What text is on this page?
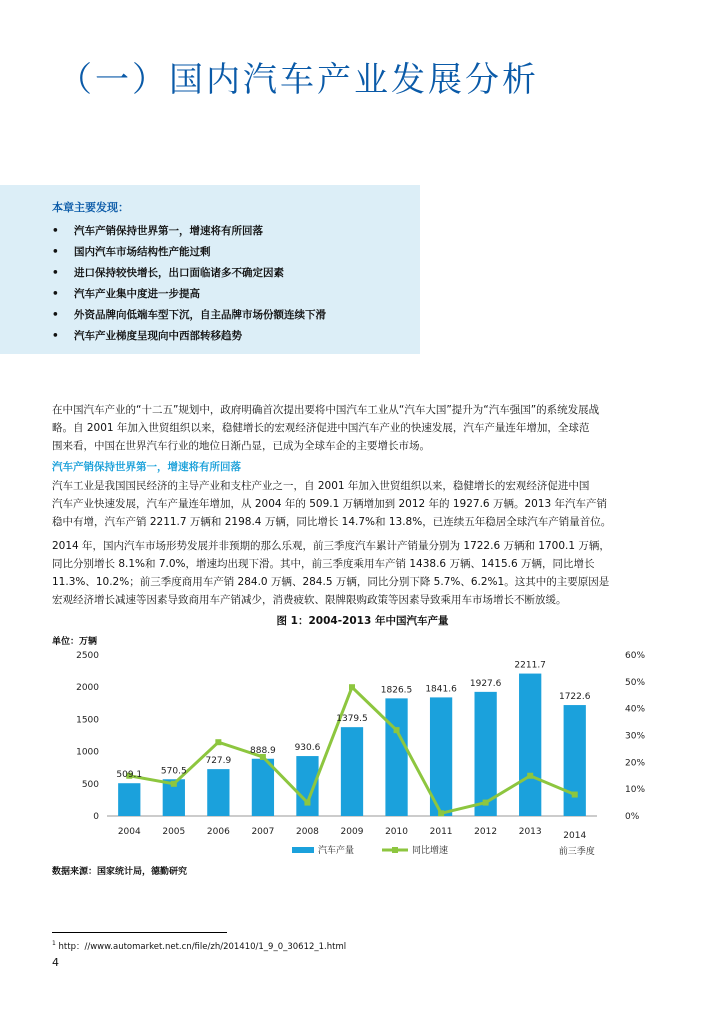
（一）国内汽车产业发展分析
本章主要发现：
• 汽车产销保持世界第一，增速将有所回落
• 国内汽车市场结构性产能过剩
• 进口保持较快增长，出口面临诸多不确定因素
• 汽车产业集中度进一步提高
• 外资品牌向低端车型下沉，自主品牌市场份额连续下滑
• 汽车产业梯度呈现向中西部转移趋势
在中国汽车产业的“十二五”规划中，政府明确首次提出要将中国汽车工业从“汽车大国”提升为“汽车强国”的系统发展战
略。自 2001 年加入世贸组织以来，稳健增长的宏观经济促进中国汽车产业的快速发展，汽车产量连年增加，全球范
围来看，中国在世界汽车行业的地位日渐凸显，已成为全球车企的主要增长市场。
汽车产销保持世界第一，增速将有所回落
汽车工业是我国国民经济的主导产业和支柱产业之一，自 2001 年加入世贸组织以来，稳健增长的宏观经济促进中国
汽车产业快速发展，汽车产量连年增加，从 2004 年的 509.1 万辆增加到 2012 年的 1927.6 万辆。2013 年汽车产销
稳中有增，汽车产销 2211.7 万辆和 2198.4 万辆，同比增长 14.7%和 13.8%，已连续五年稳居全球汽车产销量首位。
2014 年，国内汽车市场形势发展并非预期的那么乐观，前三季度汽车累计产销量分别为 1722.6 万辆和 1700.1 万辆，
同比分别增长 8.1%和 7.0%，增速均出现下滑。其中，前三季度乘用车产销 1438.6 万辆、1415.6 万辆，同比增长
11.3%、10.2%；前三季度商用车产销 284.0 万辆、284.5 万辆，同比分别下降 5.7%、6.2%1。这其中的主要原因是
宏观经济增长减速等因素导致商用车产销减少，消费疲软、限牌限购政策等因素导致乘用车市场增长不断放缓。
图 1：2004-2013 年中国汽车产量
单位：万辆
0
500
1000
1500
2000
2500
0%
10%
20%
30%
40%
50%
60%
509.1 570.5
727.9
888.9 930.6
1379.5
1826.5 1841.6
1927.6
2211.7
1722.6
2004 2005 2006 2007 2008 2009 2010 2011 2012 2013 2014
前三季度
汽车产量	同比增速
数据来源：国家统计局，德勤研究
$^1$ http：//www.automarket.net.cn/file/zh/201410/1_9_0_30612_1.html
4
